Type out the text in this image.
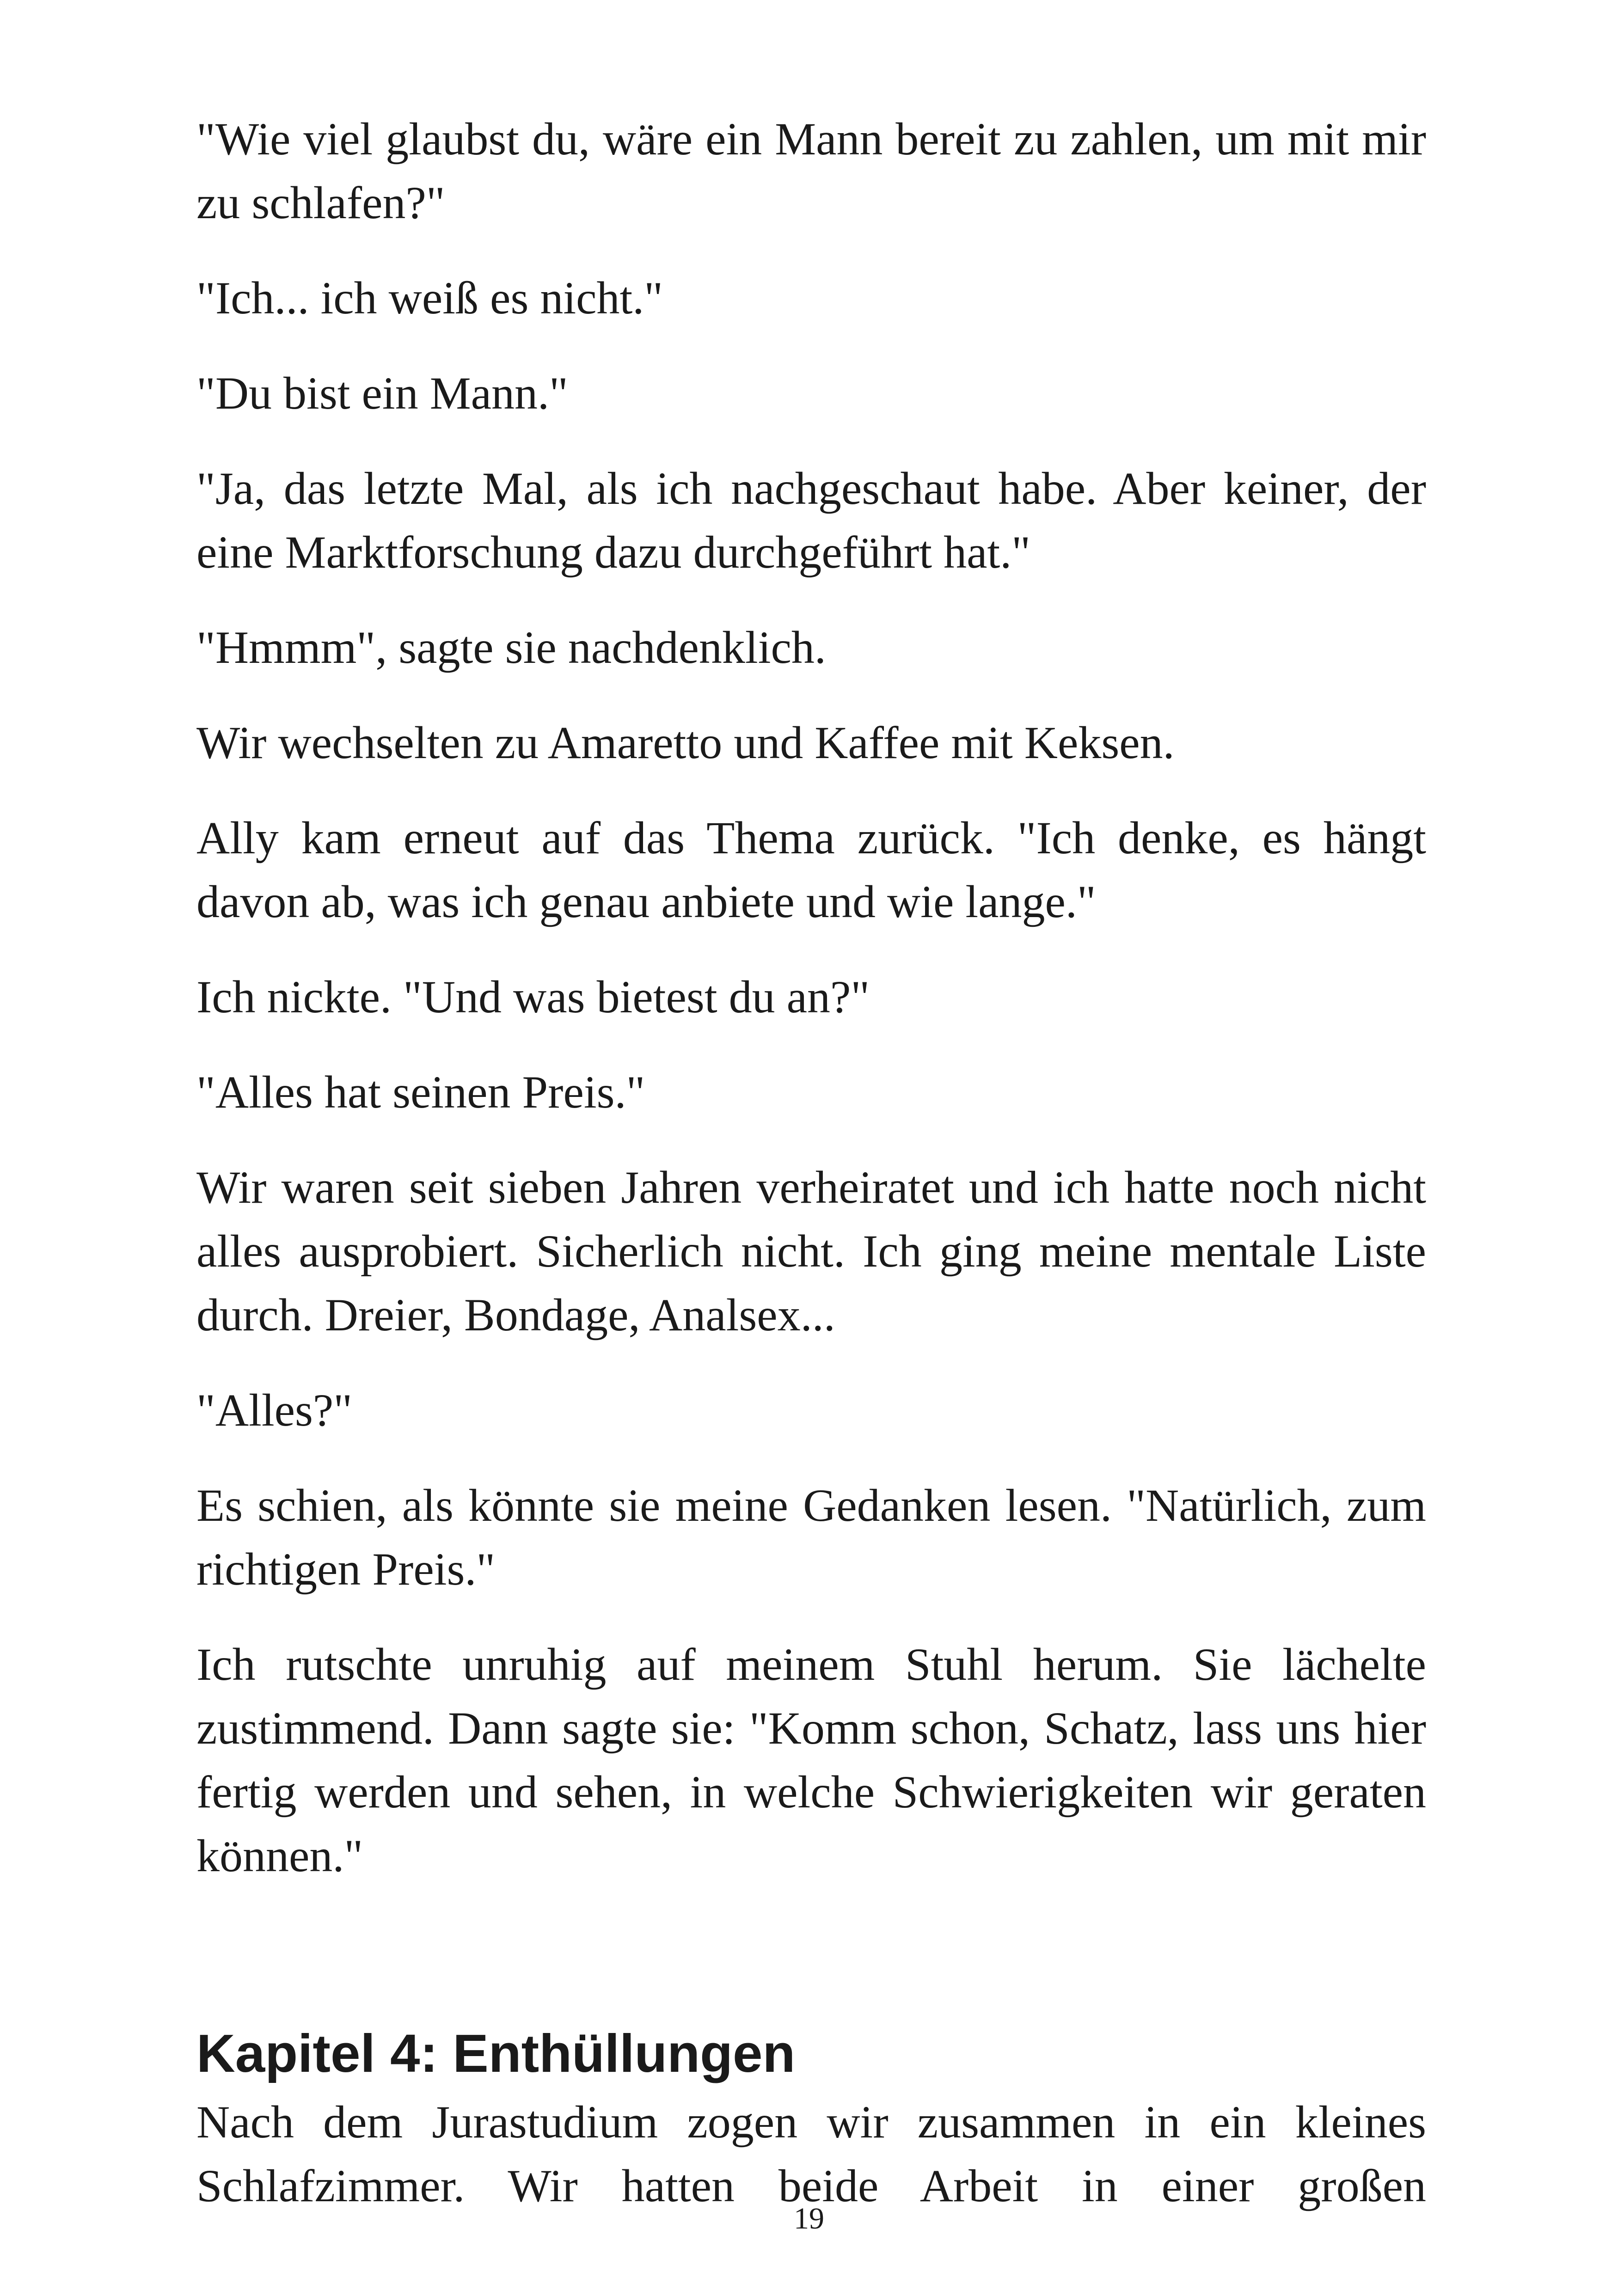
"Wie viel glaubst du, wäre ein Mann bereit zu zahlen, um mit mir zu schlafen?"

"Ich... ich weiß es nicht."

"Du bist ein Mann."

"Ja, das letzte Mal, als ich nachgeschaut habe. Aber keiner, der eine Marktforschung dazu durchgeführt hat."

"Hmmm", sagte sie nachdenklich.

Wir wechselten zu Amaretto und Kaffee mit Keksen.

Ally kam erneut auf das Thema zurück. "Ich denke, es hängt davon ab, was ich genau anbiete und wie lange."

Ich nickte. "Und was bietest du an?"

"Alles hat seinen Preis."

Wir waren seit sieben Jahren verheiratet und ich hatte noch nicht alles ausprobiert. Sicherlich nicht. Ich ging meine mentale Liste durch. Dreier, Bondage, Analsex...

"Alles?"

Es schien, als könnte sie meine Gedanken lesen. "Natürlich, zum richtigen Preis."

Ich rutschte unruhig auf meinem Stuhl herum. Sie lächelte zustimmend. Dann sagte sie: "Komm schon, Schatz, lass uns hier fertig werden und sehen, in welche Schwierigkeiten wir geraten können."

Kapitel 4: Enthüllungen

Nach dem Jurastudium zogen wir zusammen in ein kleines Schlafzimmer. Wir hatten beide Arbeit in einer großen

19
